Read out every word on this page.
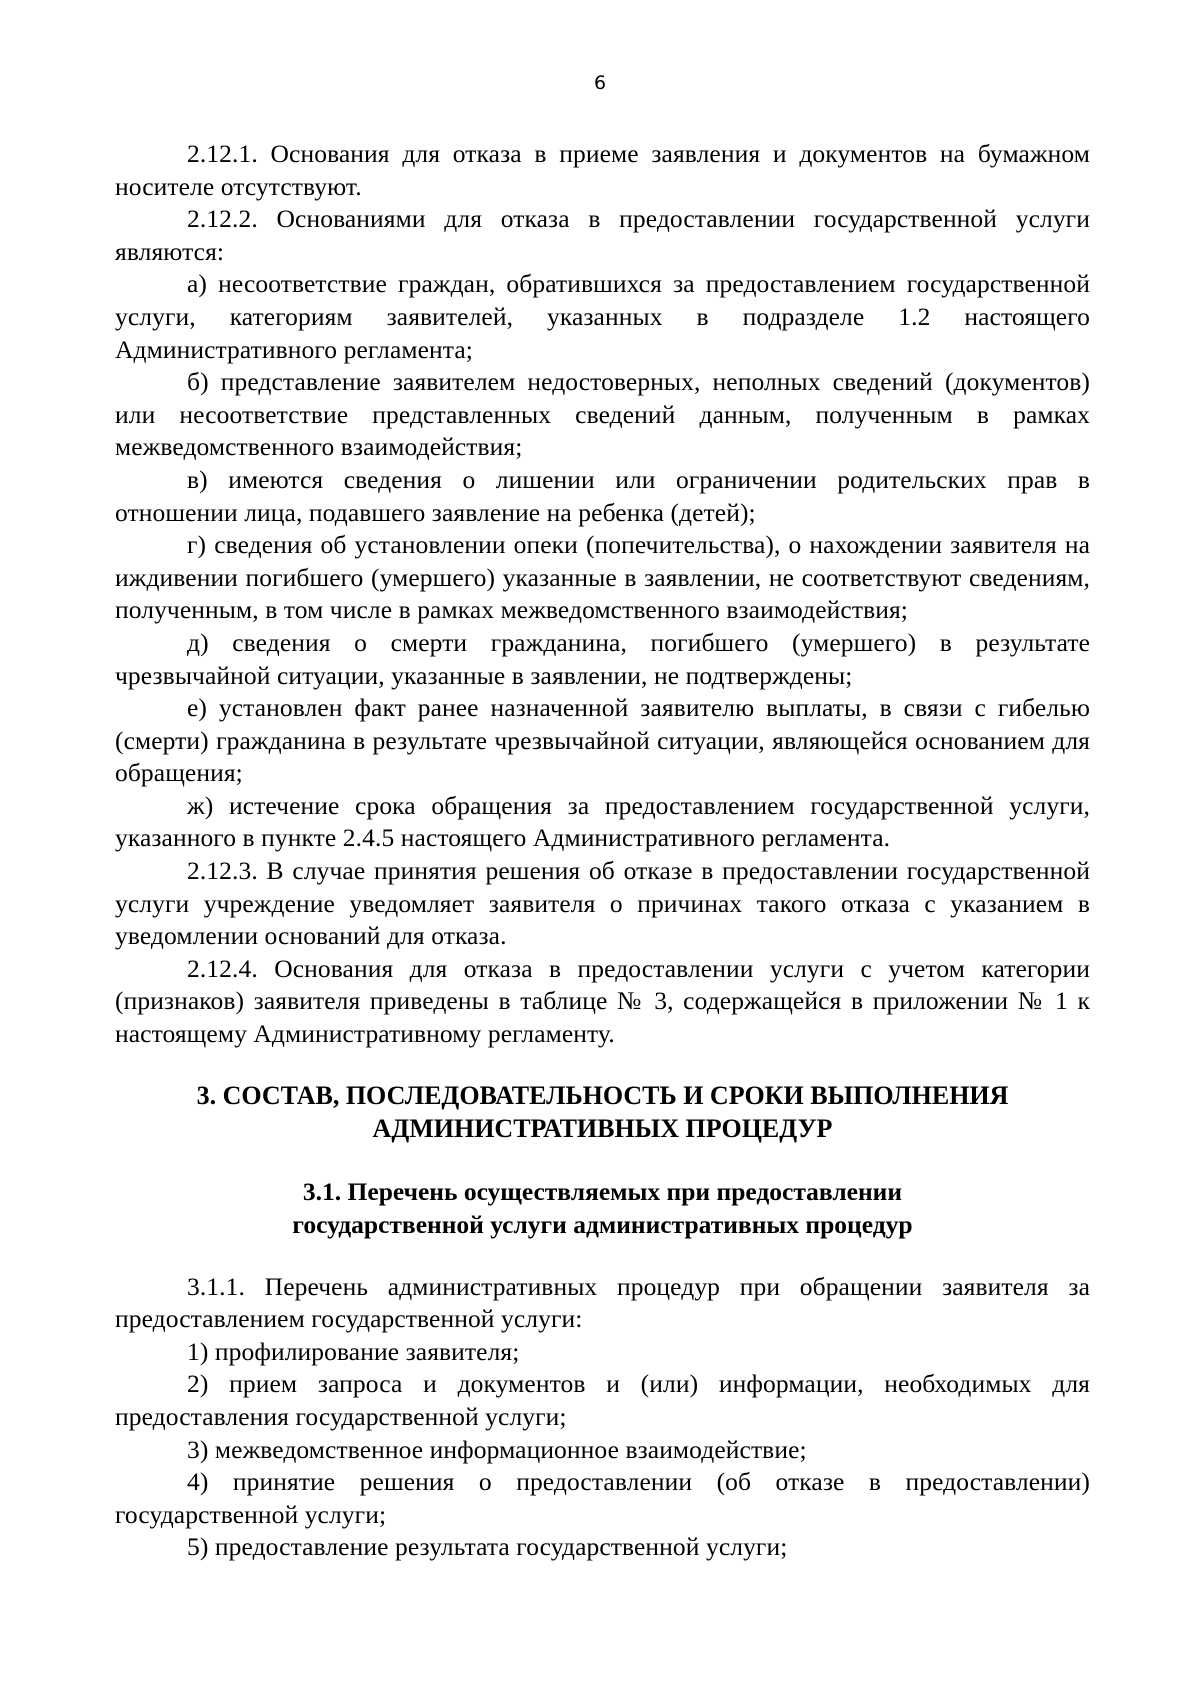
6

2.12.1. Основания для отказа в приеме заявления и документов на бумажном носителе отсутствуют.

2.12.2. Основаниями для отказа в предоставлении государственной услуги являются:

а) несоответствие граждан, обратившихся за предоставлением государственной услуги, категориям заявителей, указанных в подразделе 1.2 настоящего Административного регламента;

б) представление заявителем недостоверных, неполных сведений (документов) или несоответствие представленных сведений данным, полученным в рамках межведомственного взаимодействия;

в) имеются сведения о лишении или ограничении родительских прав в отношении лица, подавшего заявление на ребенка (детей);

г) сведения об установлении опеки (попечительства), о нахождении заявителя на иждивении погибшего (умершего) указанные в заявлении, не соответствуют сведениям, полученным, в том числе в рамках межведомственного взаимодействия;

д) сведения о смерти гражданина, погибшего (умершего) в результате чрезвычайной ситуации, указанные в заявлении, не подтверждены;

е) установлен факт ранее назначенной заявителю выплаты, в связи с гибелью (смерти) гражданина в результате чрезвычайной ситуации, являющейся основанием для обращения;

ж) истечение срока обращения за предоставлением государственной услуги, указанного в пункте 2.4.5 настоящего Административного регламента.

2.12.3. В случае принятия решения об отказе в предоставлении государственной услуги учреждение уведомляет заявителя о причинах такого отказа с указанием в уведомлении оснований для отказа.

2.12.4. Основания для отказа в предоставлении услуги с учетом категории (признаков) заявителя приведены в таблице № 3, содержащейся в приложении № 1 к настоящему Административному регламенту.

3. СОСТАВ, ПОСЛЕДОВАТЕЛЬНОСТЬ И СРОКИ ВЫПОЛНЕНИЯ
АДМИНИСТРАТИВНЫХ ПРОЦЕДУР
3.1. Перечень осуществляемых при предоставлении
государственной услуги административных процедур

3.1.1. Перечень административных процедур при обращении заявителя за предоставлением государственной услуги:

1) профилирование заявителя;

2) прием запроса и документов и (или) информации, необходимых для предоставления государственной услуги;

3) межведомственное информационное взаимодействие;

4) принятие решения о предоставлении (об отказе в предоставлении) государственной услуги;

5) предоставление результата государственной услуги;
